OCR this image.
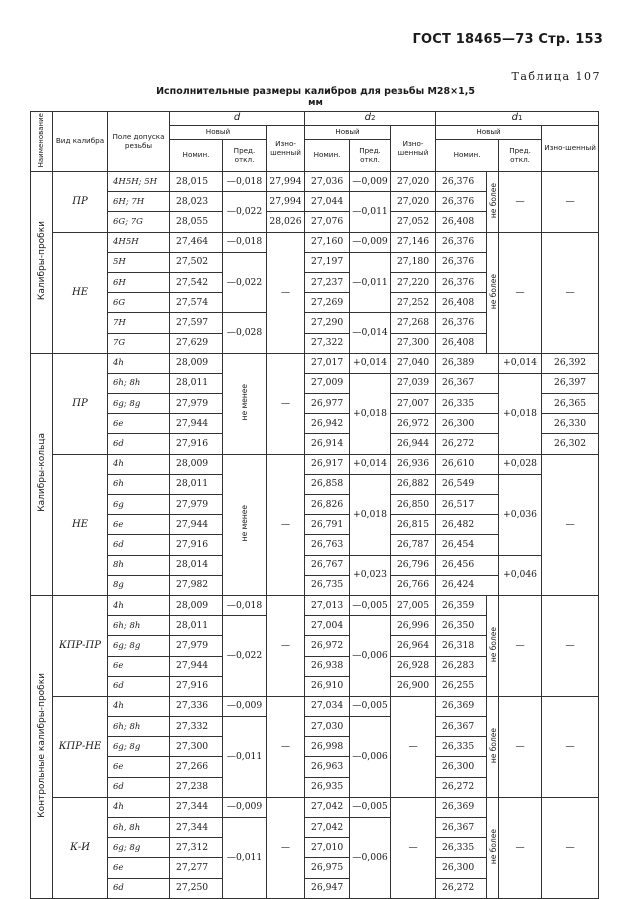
ГОСТ 18465—73 Стр. 153
Таблица 107
Исполнительные размеры калибров для резьбы М28×1,5
мм
Наименование	Вид калибра	Поле допуска резьбы	d			d2			d1			
			Новый		Изно-шенный	Новый		Изно-шенный	Новый			Изно-шенный
			Номин.	Пред. откл.		Номин.	Пред. откл.		Номин.		Пред. откл.	
Калибры-пробки	ПР	4H5H; 5H	28,015	—0,018	27,994	27,036	—0,009	27,020	26,376	не более	—	—
		6H; 7H	28,023	—0,022	27,994	27,044	—0,011	27,020	26,376			
		6G; 7G	28,055		28,026	27,076		27,052	26,408			
	НЕ	4H5H	27,464	—0,018	—	27,160	—0,009	27,146	26,376	не более	—	—
		5H	27,502	—0,022		27,197	—0,011	27,180	26,376			
		6H	27,542			27,237		27,220	26,376			
		6G	27,574			27,269		27,252	26,408			
		7H	27,597	—0,028		27,290	—0,014	27,268	26,376			
		7G	27,629			27,322		27,300	26,408			
Калибры-кольца	ПР	4h	28,009	не менее	—	27,017	+0,014	27,040	26,389		+0,014	26,392
		6h; 8h	28,011			27,009	+0,018	27,039	26,367		+0,018	26,397
		6g; 8g	27,979			26,977		27,007	26,335			26,365
		6e	27,944			26,942		26,972	26,300			26,330
		6d	27,916			26,914		26,944	26,272			26,302
	НЕ	4h	28,009	не менее	—	26,917	+0,014	26,936	26,610		+0,028	—
		6h	28,011			26,858	+0,018	26,882	26,549		+0,036	
		6g	27,979			26,826		26,850	26,517			
		6e	27,944			26,791		26,815	26,482			
		6d	27,916			26,763		26,787	26,454			
		8h	28,014			26,767	+0,023	26,796	26,456		+0,046	
		8g	27,982			26,735		26,766	26,424			
Контрольные калибры-пробки	КПР-ПР	4h	28,009	—0,018	—	27,013	—0,005	27,005	26,359	не более	—	—
		6h; 8h	28,011	—0,022		27,004	—0,006	26,996	26,350			
		6g; 8g	27,979			26,972		26,964	26,318			
		6e	27,944			26,938		26,928	26,283			
		6d	27,916			26,910		26,900	26,255			
	КПР-НЕ	4h	27,336	—0,009	—	27,034	—0,005	—	26,369	не более	—	—
		6h; 8h	27,332	—0,011		27,030	—0,006		26,367			
		6g; 8g	27,300			26,998			26,335			
		6e	27,266			26,963			26,300			
		6d	27,238			26,935			26,272			
	К-И	4h	27,344	—0,009	—	27,042	—0,005	—	26,369	не более	—	—
		6h, 8h	27,344	—0,011		27,042	—0,006		26,367			
		6g; 8g	27,312			27,010			26,335			
		6e	27,277			26,975			26,300			
		6d	27,250			26,947			26,272			
